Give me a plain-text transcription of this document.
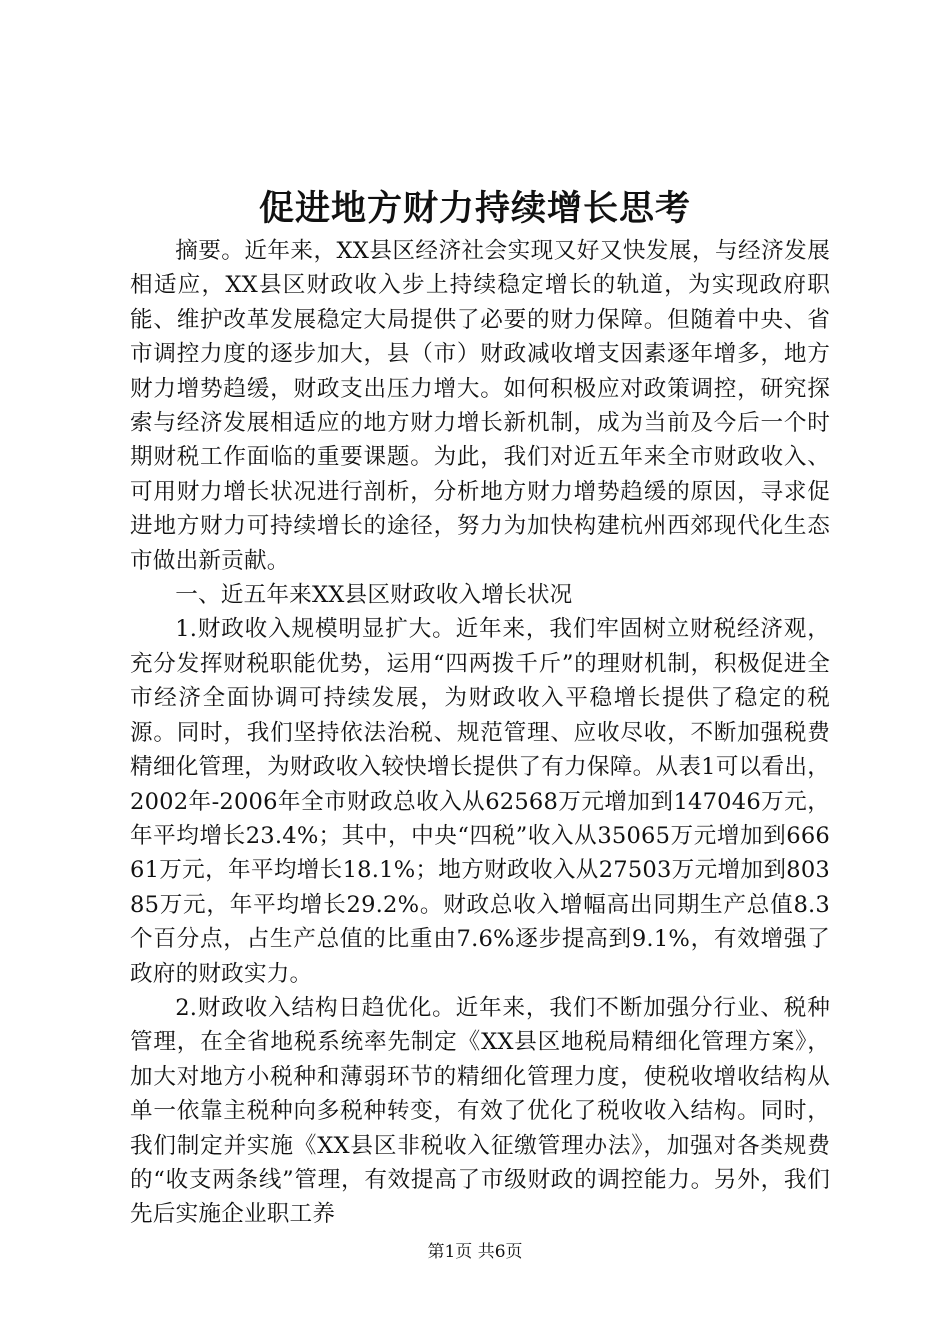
促进地方财力持续增长思考

摘要。近年来，XX县区经济社会实现又好又快发展，与经济发展相适应，XX县区财政收入步上持续稳定增长的轨道，为实现政府职能、维护改革发展稳定大局提供了必要的财力保障。但随着中央、省市调控力度的逐步加大，县（市）财政减收增支因素逐年增多，地方财力增势趋缓，财政支出压力增大。如何积极应对政策调控，研究探索与经济发展相适应的地方财力增长新机制，成为当前及今后一个时期财税工作面临的重要课题。为此，我们对近五年来全市财政收入、可用财力增长状况进行剖析，分析地方财力增势趋缓的原因，寻求促进地方财力可持续增长的途径，努力为加快构建杭州西郊现代化生态市做出新贡献。

一、近五年来XX县区财政收入增长状况

1.财政收入规模明显扩大。近年来，我们牢固树立财税经济观，充分发挥财税职能优势，运用“四两拨千斤”的理财机制，积极促进全市经济全面协调可持续发展，为财政收入平稳增长提供了稳定的税源。同时，我们坚持依法治税、规范管理、应收尽收，不断加强税费精细化管理，为财政收入较快增长提供了有力保障。从表1可以看出，2002年-2006年全市财政总收入从62568万元增加到147046万元，年平均增长23.4%；其中，中央“四税”收入从35065万元增加到66661万元，年平均增长18.1%；地方财政收入从27503万元增加到80385万元，年平均增长29.2%。财政总收入增幅高出同期生产总值8.3个百分点，占生产总值的比重由7.6%逐步提高到9.1%，有效增强了政府的财政实力。

2.财政收入结构日趋优化。近年来，我们不断加强分行业、税种管理，在全省地税系统率先制定《XX县区地税局精细化管理方案》，加大对地方小税种和薄弱环节的精细化管理力度，使税收增收结构从单一依靠主税种向多税种转变，有效了优化了税收收入结构。同时，我们制定并实施《XX县区非税收入征缴管理办法》，加强对各类规费的“收支两条线”管理，有效提高了市级财政的调控能力。另外，我们先后实施企业职工养

第1页 共6页
